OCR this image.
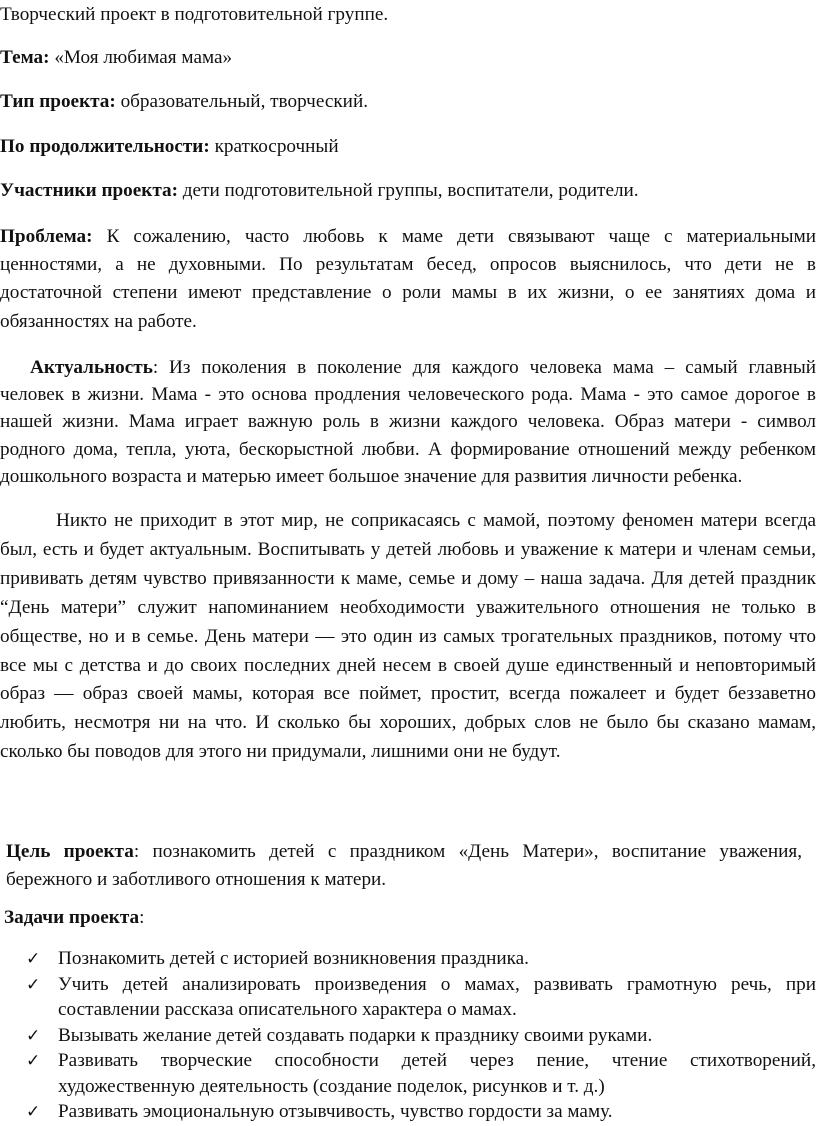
Творческий проект в подготовительной группе.
Тема: «Моя любимая мама»
Тип проекта: образовательный, творческий.
По продолжительности: краткосрочный
Участники проекта: дети подготовительной группы, воспитатели, родители.
Проблема: К сожалению, часто любовь к маме дети связывают чаще с материальными ценностями, а не духовными. По результатам бесед, опросов выяснилось, что дети не в достаточной степени имеют представление о роли мамы в их жизни, о ее занятиях дома и обязанностях на работе.
Актуальность: Из поколения в поколение для каждого человека мама – самый главный человек в жизни. Мама - это основа продления человеческого рода. Мама - это самое дорогое в нашей жизни. Мама играет важную роль в жизни каждого человека. Образ матери - символ родного дома, тепла, уюта, бескорыстной любви. А формирование отношений между ребенком дошкольного возраста и матерью имеет большое значение для развития личности ребенка.
Никто не приходит в этот мир, не соприкасаясь с мамой, поэтому феномен матери всегда был, есть и будет актуальным. Воспитывать у детей любовь и уважение к матери и членам семьи, прививать детям чувство привязанности к маме, семье и дому – наша задача. Для детей праздник “День матери” служит напоминанием необходимости уважительного отношения не только в обществе, но и в семье. День матери — это один из самых трогательных праздников, потому что все мы с детства и до своих последних дней несем в своей душе единственный и неповторимый образ — образ своей мамы, которая все поймет, простит, всегда пожалеет и будет беззаветно любить, несмотря ни на что. И сколько бы хороших, добрых слов не было бы сказано мамам, сколько бы поводов для этого ни придумали, лишними они не будут.
Цель проекта: познакомить детей с праздником «День Матери», воспитание уважения, бережного и заботливого отношения к матери.
Задачи проекта:
✓ Познакомить детей с историей возникновения праздника.
✓ Учить детей анализировать произведения о мамах, развивать грамотную речь, при составлении рассказа описательного характера о мамах.
✓ Вызывать желание детей создавать подарки к празднику своими руками.
✓ Развивать творческие способности детей через пение, чтение стихотворений, художественную деятельность (создание поделок, рисунков и т. д.)
✓ Развивать эмоциональную отзывчивость, чувство гордости за маму.
